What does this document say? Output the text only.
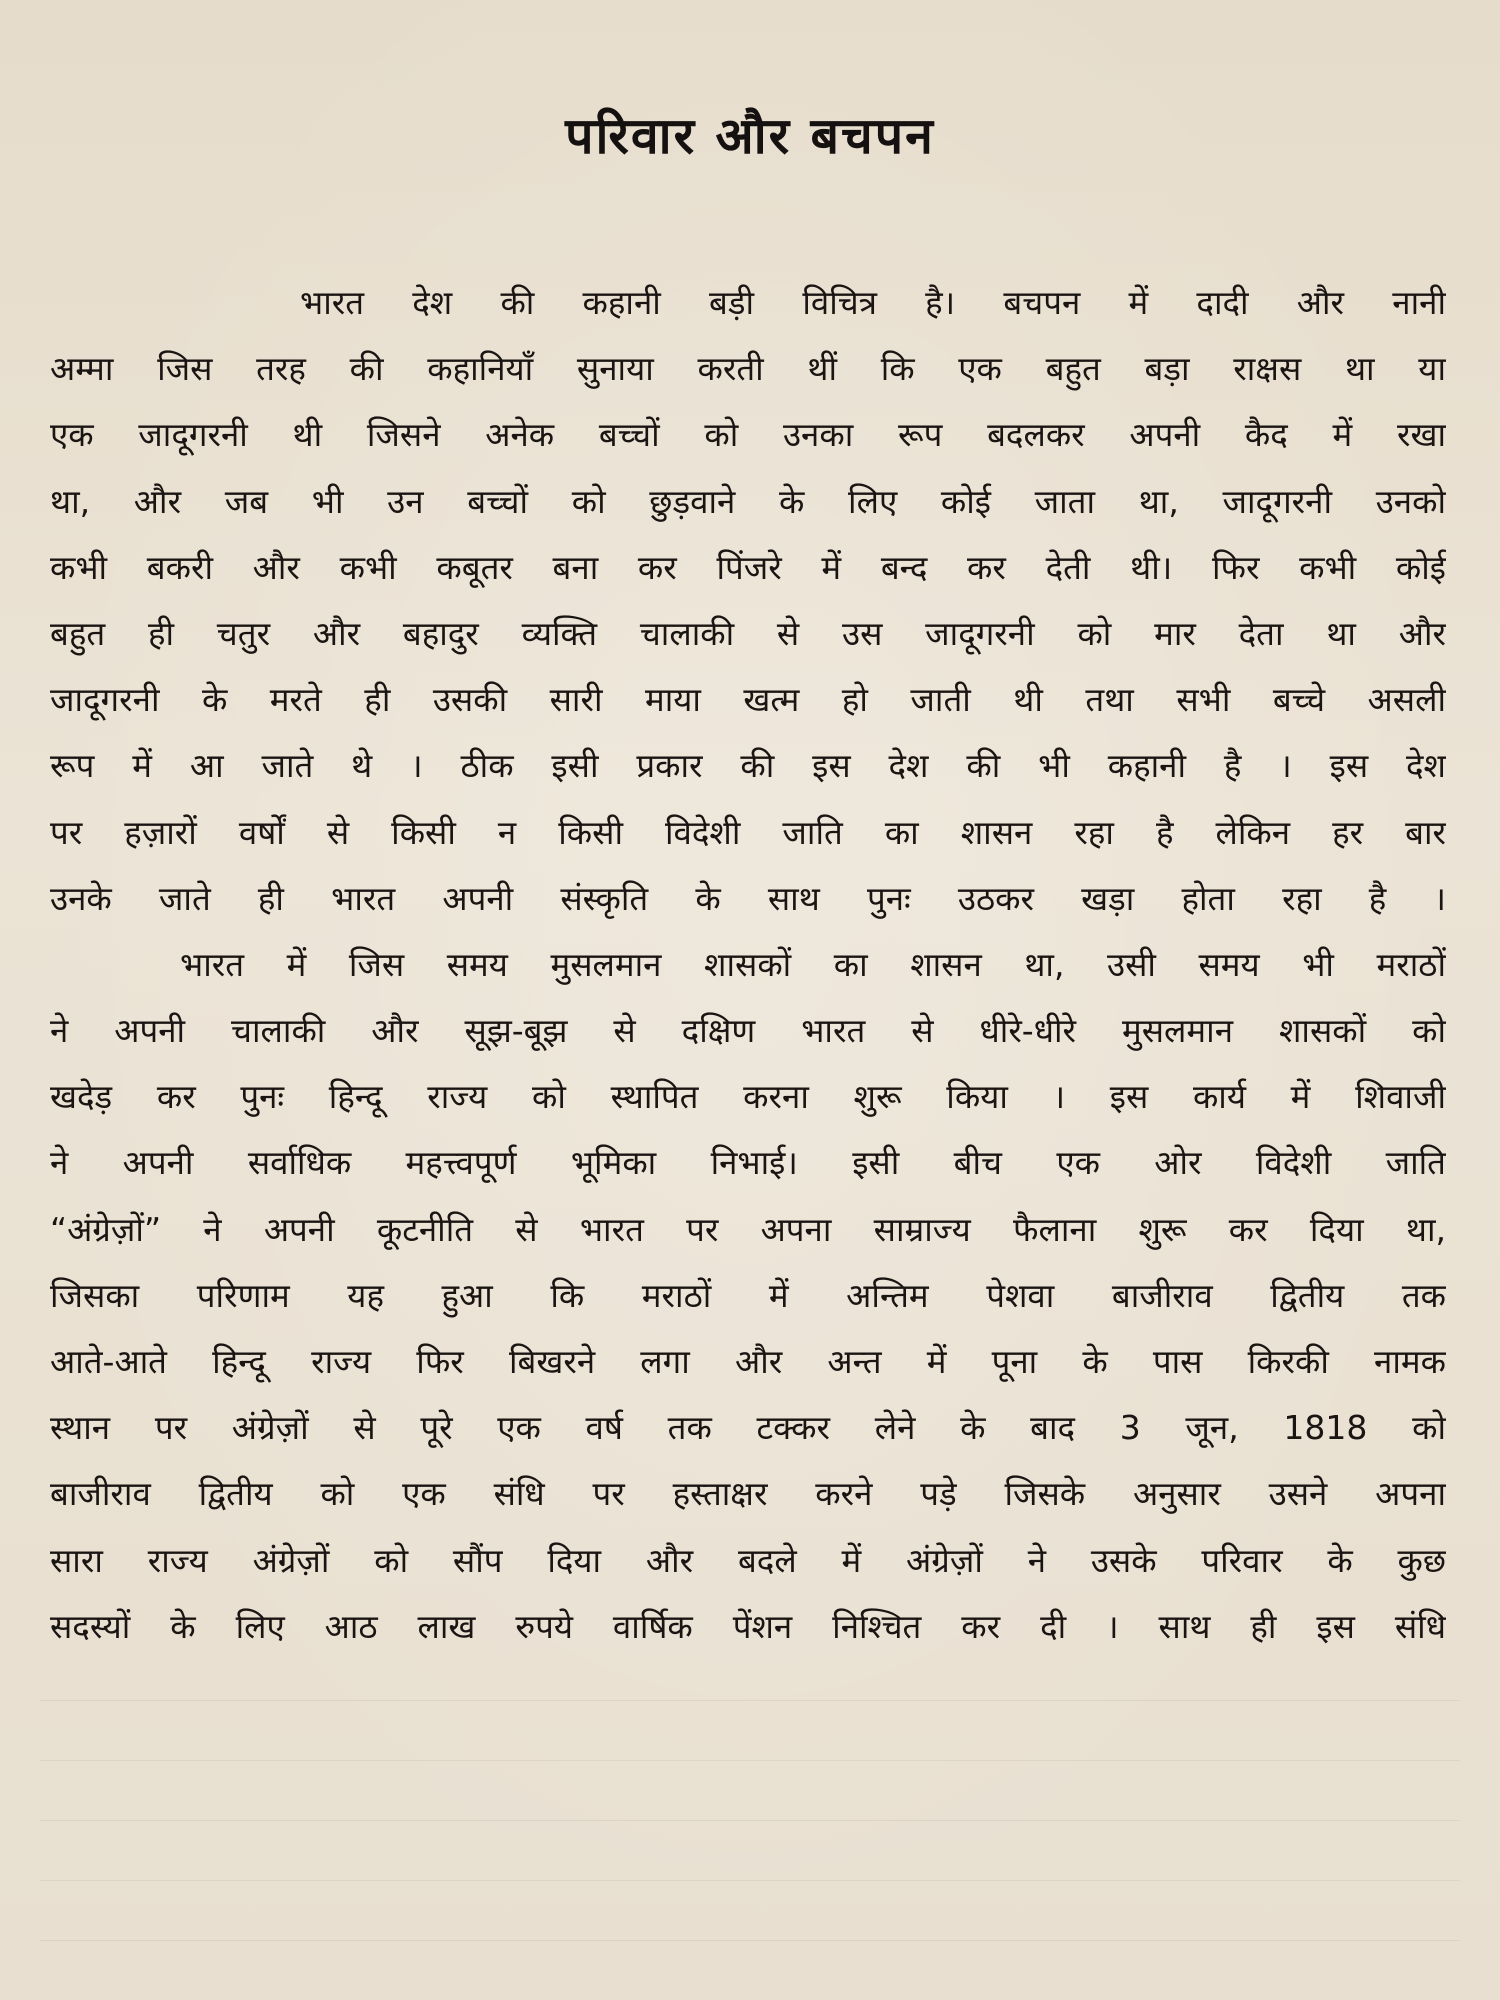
परिवार और बचपन
भारत देश की कहानी बड़ी विचित्र है। बचपन में दादी और नानी
अम्मा जिस तरह की कहानियाँ सुनाया करती थीं कि एक बहुत बड़ा राक्षस था या
एक जादूगरनी थी जिसने अनेक बच्चों को उनका रूप बदलकर अपनी कैद में रखा
था, और जब भी उन बच्चों को छुड़वाने के लिए कोई जाता था, जादूगरनी उनको
कभी बकरी और कभी कबूतर बना कर पिंजरे में बन्द कर देती थी। फिर कभी कोई
बहुत ही चतुर और बहादुर व्यक्ति चालाकी से उस जादूगरनी को मार देता था और
जादूगरनी के मरते ही उसकी सारी माया खत्म हो जाती थी तथा सभी बच्चे असली
रूप में आ जाते थे । ठीक इसी प्रकार की इस देश की भी कहानी है । इस देश
पर हज़ारों वर्षों से किसी न किसी विदेशी जाति का शासन रहा है लेकिन हर बार
उनके जाते ही भारत अपनी संस्कृति के साथ पुनः उठकर खड़ा होता रहा है ।
भारत में जिस समय मुसलमान शासकों का शासन था, उसी समय भी मराठों
ने अपनी चालाकी और सूझ-बूझ से दक्षिण भारत से धीरे-धीरे मुसलमान शासकों को
खदेड़ कर पुनः हिन्दू राज्य को स्थापित करना शुरू किया । इस कार्य में शिवाजी
ने अपनी सर्वाधिक महत्त्वपूर्ण भूमिका निभाई। इसी बीच एक ओर विदेशी जाति
“अंग्रेज़ों” ने अपनी कूटनीति से भारत पर अपना साम्राज्य फैलाना शुरू कर दिया था,
जिसका परिणाम यह हुआ कि मराठों में अन्तिम पेशवा बाजीराव द्वितीय तक
आते-आते हिन्दू राज्य फिर बिखरने लगा और अन्त में पूना के पास किरकी नामक
स्थान पर अंग्रेज़ों से पूरे एक वर्ष तक टक्कर लेने के बाद 3 जून, 1818 को
बाजीराव द्वितीय को एक संधि पर हस्ताक्षर करने पड़े जिसके अनुसार उसने अपना
सारा राज्य अंग्रेज़ों को सौंप दिया और बदले में अंग्रेज़ों ने उसके परिवार के कुछ
सदस्यों के लिए आठ लाख रुपये वार्षिक पेंशन निश्चित कर दी । साथ ही इस संधि
